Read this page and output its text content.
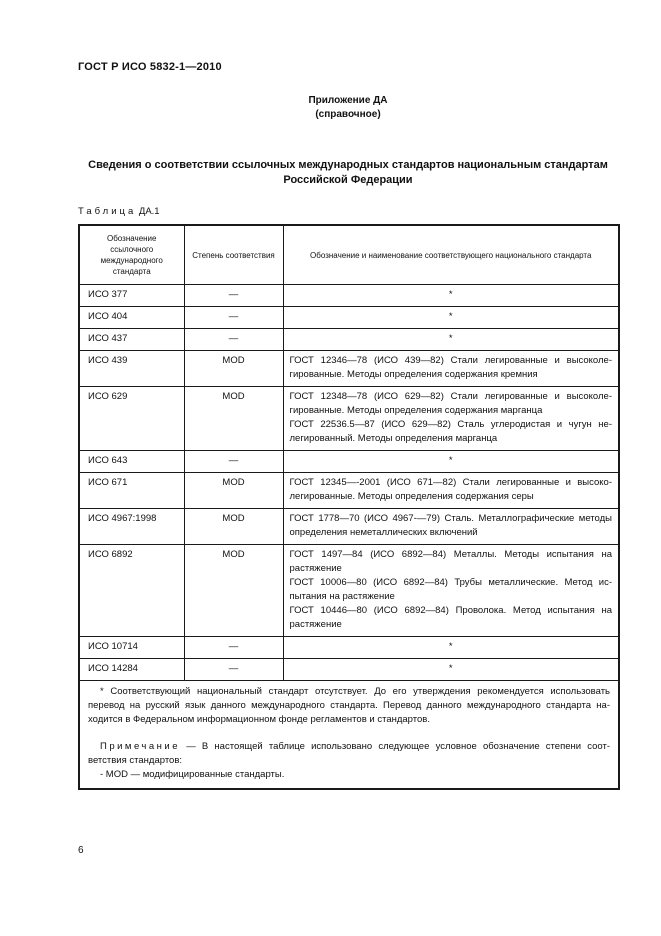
ГОСТ Р ИСО 5832-1—2010
Приложение ДА
(справочное)
Сведения о соответствии ссылочных международных стандартов национальным стандартам Российской Федерации
Таблица ДА.1
Обозначение ссылочного международного стандарта	Степень соответствия	Обозначение и наименование соответствующего национального стандарта
ИСО 377	—	*

ИСО 404	—	*

ИСО 437	—	*

ИСО 439	MOD	ГОСТ 12346—78 (ИСО 439—82) Стали легированные и высоколегированные. Методы определения содержания кремния

ИСО 629	MOD	ГОСТ 12348—78 (ИСО 629—82) Стали легированные и высоколегированные. Методы определения содержания марганца
ГОСТ 22536.5—87 (ИСО 629—82) Сталь углеродистая и чугун нелегированный. Методы определения марганца

ИСО 643	—	*

ИСО 671	MOD	ГОСТ 12345—-2001 (ИСО 671—82) Стали легированные и высоколегированные. Методы определения содержания серы

ИСО 4967:1998	MOD	ГОСТ 1778—70 (ИСО 4967-—79) Сталь. Металлографические методы определения неметаллических включений

ИСО 6892	MOD	ГОСТ 1497—84 (ИСО 6892—84) Металлы. Методы испытания на растяжение
ГОСТ 10006—80 (ИСО 6892—84) Трубы металлические. Метод испытания на растяжение
ГОСТ 10446—80 (ИСО 6892—84) Проволока. Метод испытания на растяжение

ИСО 10714	—	*

ИСО 14284	—	*

* Соответствующий национальный стандарт отсутствует. До его утверждения рекомендуется использовать перевод на русский язык данного международного стандарта. Перевод данного международного стандарта находится в Федеральном информационном фонде регламентов и стандартов.
Примечание — В настоящей таблице использовано следующее условное обозначение степени соответствия стандартов:
- MOD — модифицированные стандарты.		
6
